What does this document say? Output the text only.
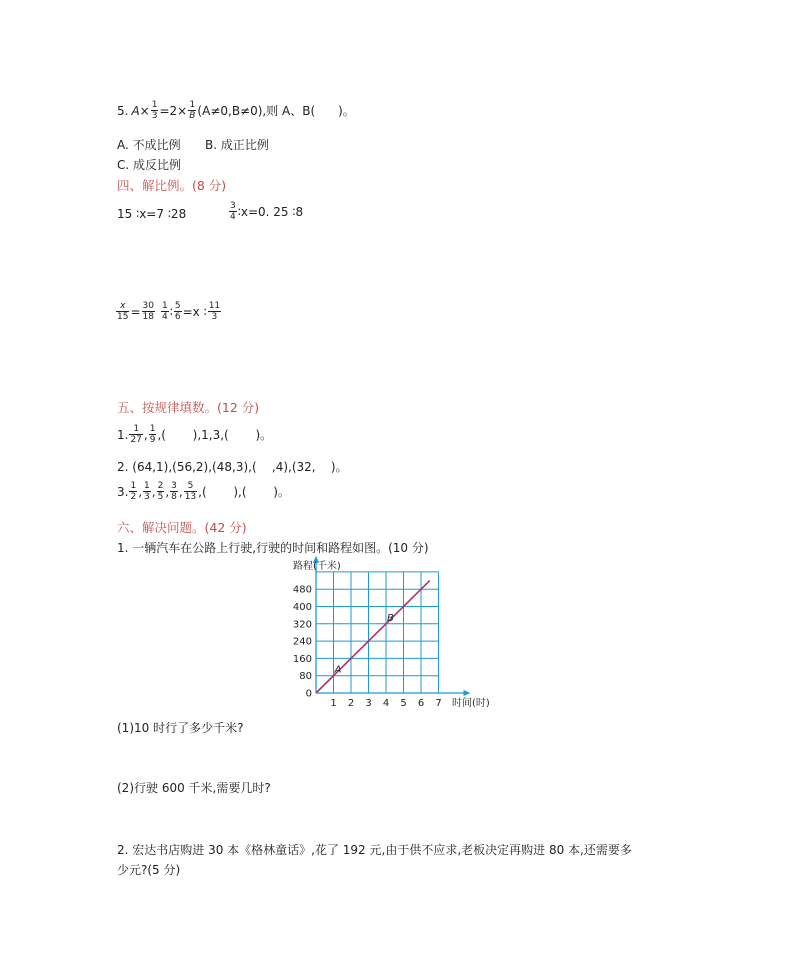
5. $A \times \frac{1}{3} =2 \times \frac{1}{B} (A\ne 0,B\ne 0)$,则 A、B(
)。
A. 不成比例 B. 成正比例
C. 成反比例
四、解比例。(8 分)
15 ∶x=7 ∶28	$\frac{3}{4}$ ∶x=0. 25 ∶8
$\frac{x}{15} = \frac{30}{18} \frac{1}{4}$ ∶ $\frac{5}{6} =x$ ∶ $\frac{11}{3}$
五、按规律填数。(12 分)
1. $\frac{1}{27}$ , $\frac{1}{9}$ ,(       ),1,3,(       )。
2. (64,1),(56,2),(48,3),(    ,4),(32,    )。
3. $\frac{1}{2}$ , $\frac{1}{3}$ , $\frac{2}{5}$ , $\frac{3}{8}$ , $\frac{5}{13}$ ,(       ),(       )。
六、解决问题。(42 分)
1. 一辆汽车在公路上行驶,行驶的时间和路程如图。(10 分)
1 2 3 4 5 6 7
0
80
160
240
320
400
480
A
B
路程(千米)
时间(时)
(1)10 时行了多少千米?
(2)行驶 600 千米,需要几时?
2. 宏达书店购进 30 本《格林童话》,花了 192 元,由于供不应求,老板决定再购进 80 本,还需要多
少元?(5 分)
